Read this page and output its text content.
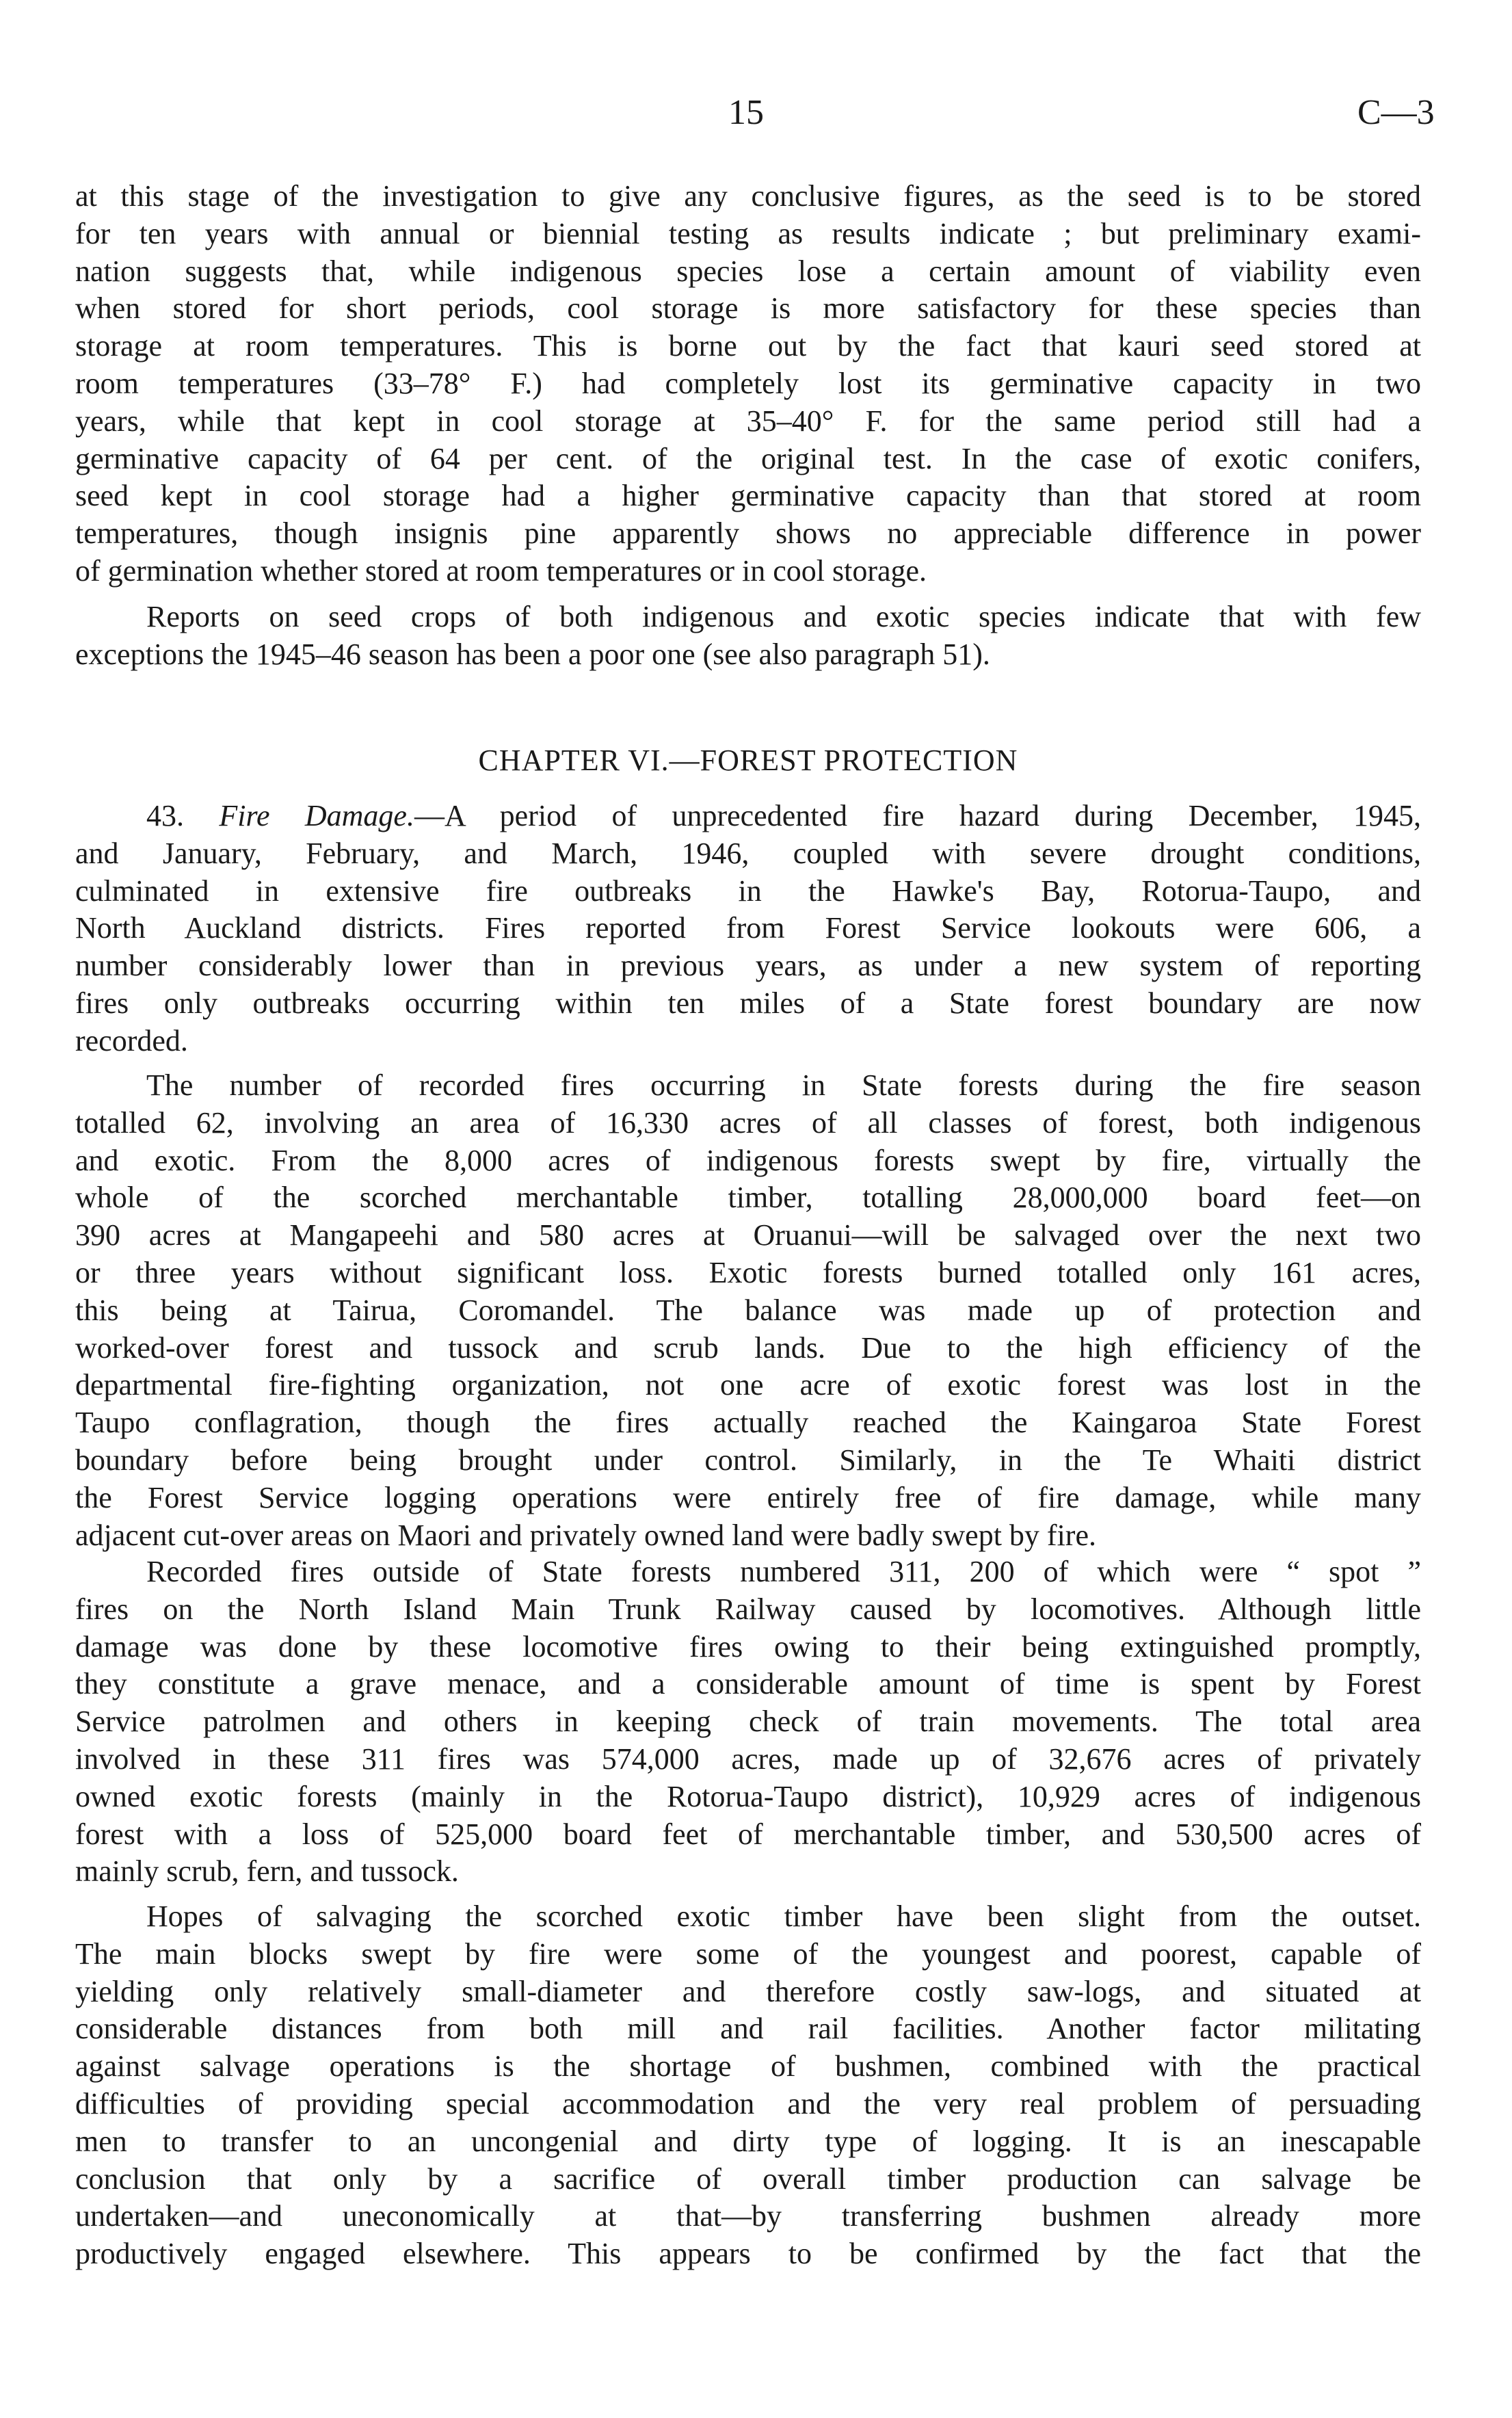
15	C—3
CHAPTER VI.—FOREST PROTECTION
at this stage of the investigation to give any conclusive figures, as the seed is to be stored
for ten years with annual or biennial testing as results indicate ; but preliminary exami-
nation suggests that, while indigenous species lose a certain amount of viability even
when stored for short periods, cool storage is more satisfactory for these species than
storage at room temperatures. This is borne out by the fact that kauri seed stored at
room temperatures (33–78° F.) had completely lost its germinative capacity in two
years, while that kept in cool storage at 35–40° F. for the same period still had a
germinative capacity of 64 per cent. of the original test. In the case of exotic conifers,
seed kept in cool storage had a higher germinative capacity than that stored at room
temperatures, though insignis pine apparently shows no appreciable difference in power
of germination whether stored at room temperatures or in cool storage.
Reports on seed crops of both indigenous and exotic species indicate that with few
exceptions the 1945–46 season has been a poor one (see also paragraph 51).
43. Fire Damage.—A period of unprecedented fire hazard during December, 1945,
and January, February, and March, 1946, coupled with severe drought conditions,
culminated in extensive fire outbreaks in the Hawke's Bay, Rotorua-Taupo, and
North Auckland districts. Fires reported from Forest Service lookouts were 606, a
number considerably lower than in previous years, as under a new system of reporting
fires only outbreaks occurring within ten miles of a State forest boundary are now
recorded.
The number of recorded fires occurring in State forests during the fire season
totalled 62, involving an area of 16,330 acres of all classes of forest, both indigenous
and exotic. From the 8,000 acres of indigenous forests swept by fire, virtually the
whole of the scorched merchantable timber, totalling 28,000,000 board feet—on
390 acres at Mangapeehi and 580 acres at Oruanui—will be salvaged over the next two
or three years without significant loss. Exotic forests burned totalled only 161 acres,
this being at Tairua, Coromandel. The balance was made up of protection and
worked-over forest and tussock and scrub lands. Due to the high efficiency of the
departmental fire-fighting organization, not one acre of exotic forest was lost in the
Taupo conflagration, though the fires actually reached the Kaingaroa State Forest
boundary before being brought under control. Similarly, in the Te Whaiti district
the Forest Service logging operations were entirely free of fire damage, while many
adjacent cut-over areas on Maori and privately owned land were badly swept by fire.
Recorded fires outside of State forests numbered 311, 200 of which were “ spot ”
fires on the North Island Main Trunk Railway caused by locomotives. Although little
damage was done by these locomotive fires owing to their being extinguished promptly,
they constitute a grave menace, and a considerable amount of time is spent by Forest
Service patrolmen and others in keeping check of train movements. The total area
involved in these 311 fires was 574,000 acres, made up of 32,676 acres of privately
owned exotic forests (mainly in the Rotorua-Taupo district), 10,929 acres of indigenous
forest with a loss of 525,000 board feet of merchantable timber, and 530,500 acres of
mainly scrub, fern, and tussock.
Hopes of salvaging the scorched exotic timber have been slight from the outset.
The main blocks swept by fire were some of the youngest and poorest, capable of
yielding only relatively small-diameter and therefore costly saw-logs, and situated at
considerable distances from both mill and rail facilities. Another factor militating
against salvage operations is the shortage of bushmen, combined with the practical
difficulties of providing special accommodation and the very real problem of persuading
men to transfer to an uncongenial and dirty type of logging. It is an inescapable
conclusion that only by a sacrifice of overall timber production can salvage be
undertaken—and uneconomically at that—by transferring bushmen already more
productively engaged elsewhere. This appears to be confirmed by the fact that the
